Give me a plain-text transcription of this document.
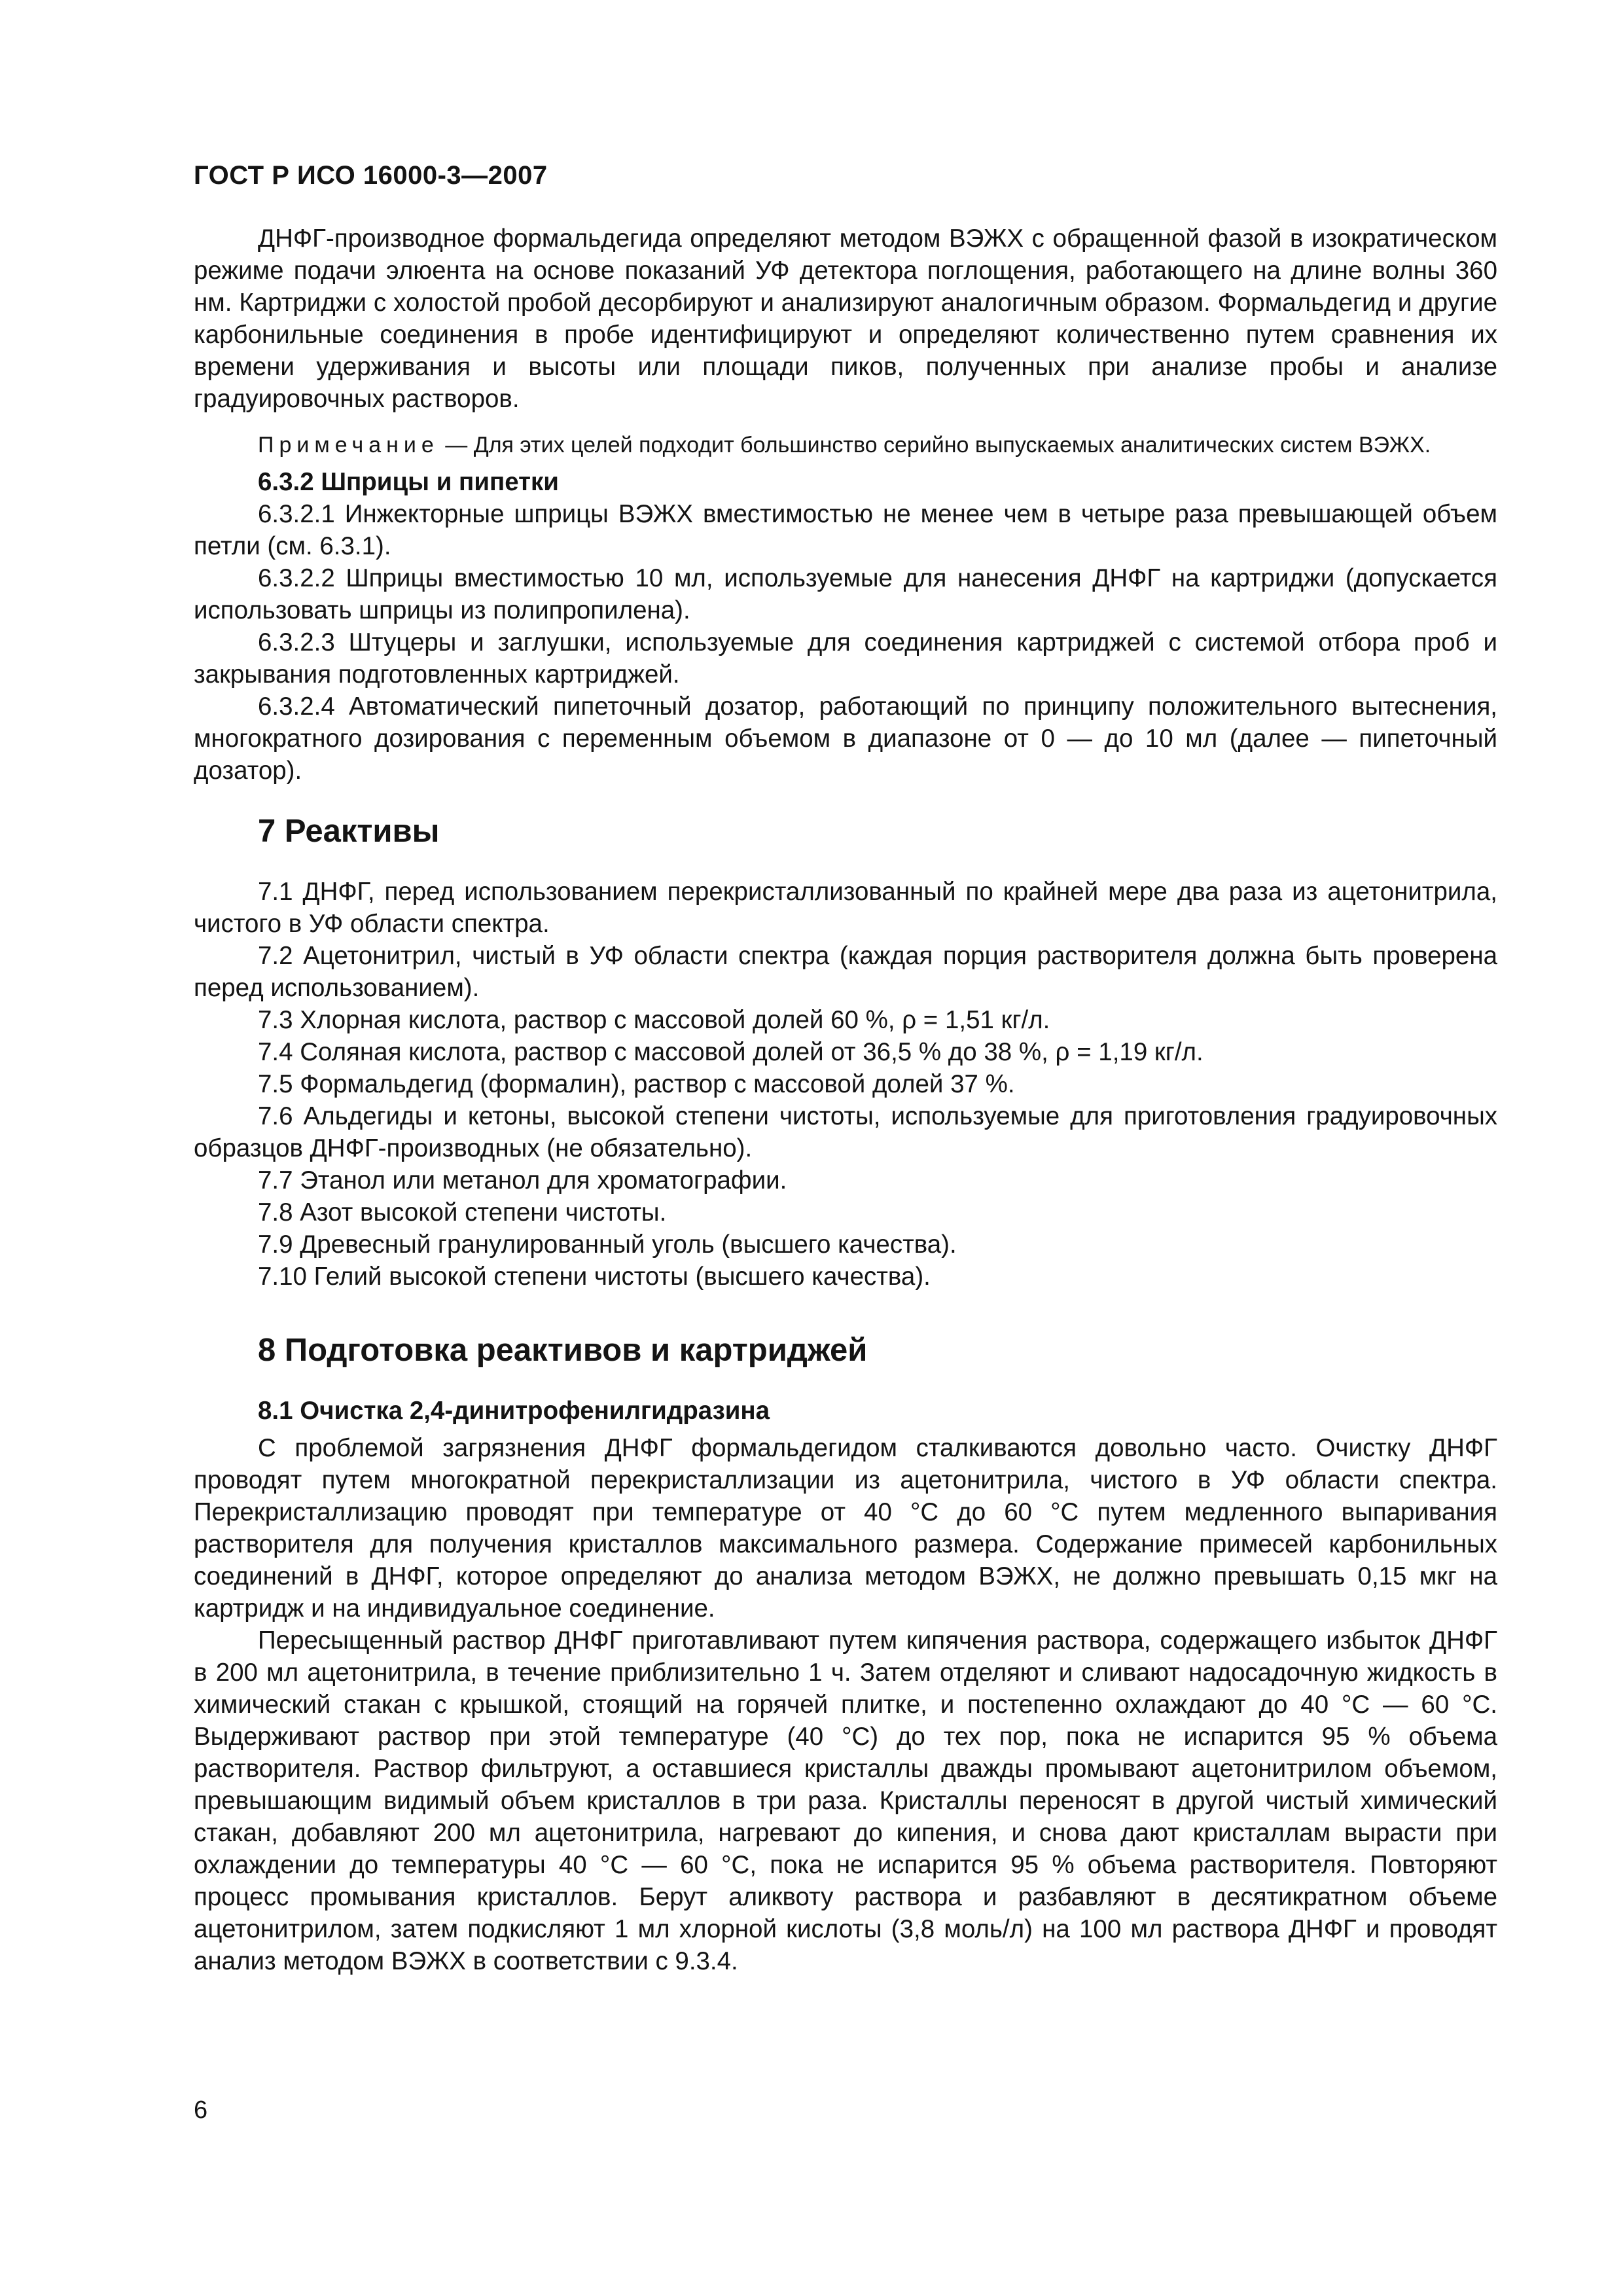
ГОСТ Р ИСО 16000-3—2007

ДНФГ-производное формальдегида определяют методом ВЭЖХ с обращенной фазой в изократическом режиме подачи элюента на основе показаний УФ детектора поглощения, работающего на длине волны 360 нм. Картриджи с холостой пробой десорбируют и анализируют аналогичным образом. Формальдегид и другие карбонильные соединения в пробе идентифицируют и определяют количественно путем сравнения их времени удерживания и высоты или площади пиков, полученных при анализе пробы и анализе градуировочных растворов.

Примечание — Для этих целей подходит большинство серийно выпускаемых аналитических систем ВЭЖХ.

6.3.2 Шприцы и пипетки

6.3.2.1 Инжекторные шприцы ВЭЖХ вместимостью не менее чем в четыре раза превышающей объем петли (см. 6.3.1).

6.3.2.2 Шприцы вместимостью 10 мл, используемые для нанесения ДНФГ на картриджи (допускается использовать шприцы из полипропилена).

6.3.2.3 Штуцеры и заглушки, используемые для соединения картриджей с системой отбора проб и закрывания подготовленных картриджей.

6.3.2.4 Автоматический пипеточный дозатор, работающий по принципу положительного вытеснения, многократного дозирования с переменным объемом в диапазоне от 0 — до 10 мл (далее — пипеточный дозатор).

7 Реактивы

7.1 ДНФГ, перед использованием перекристаллизованный по крайней мере два раза из ацетонитрила, чистого в УФ области спектра.

7.2 Ацетонитрил, чистый в УФ области спектра (каждая порция растворителя должна быть проверена перед использованием).

7.3 Хлорная кислота, раствор с массовой долей 60 %, ρ = 1,51 кг/л.

7.4 Соляная кислота, раствор с массовой долей от 36,5 % до 38 %, ρ = 1,19 кг/л.

7.5 Формальдегид (формалин), раствор с массовой долей 37 %.

7.6 Альдегиды и кетоны, высокой степени чистоты, используемые для приготовления градуировочных образцов ДНФГ-производных (не обязательно).

7.7 Этанол или метанол для хроматографии.

7.8 Азот высокой степени чистоты.

7.9 Древесный гранулированный уголь (высшего качества).

7.10 Гелий высокой степени чистоты (высшего качества).

8 Подготовка реактивов и картриджей
8.1 Очистка 2,4-динитрофенилгидразина

С проблемой загрязнения ДНФГ формальдегидом сталкиваются довольно часто. Очистку ДНФГ проводят путем многократной перекристаллизации из ацетонитрила, чистого в УФ области спектра. Перекристаллизацию проводят при температуре от 40 °С до 60 °С путем медленного выпаривания растворителя для получения кристаллов максимального размера. Содержание примесей карбонильных соединений в ДНФГ, которое определяют до анализа методом ВЭЖХ, не должно превышать 0,15 мкг на картридж и на индивидуальное соединение.

Пересыщенный раствор ДНФГ приготавливают путем кипячения раствора, содержащего избыток ДНФГ в 200 мл ацетонитрила, в течение приблизительно 1 ч. Затем отделяют и сливают надосадочную жидкость в химический стакан с крышкой, стоящий на горячей плитке, и постепенно охлаждают до 40 °С — 60 °С. Выдерживают раствор при этой температуре (40 °С) до тех пор, пока не испарится 95 % объема растворителя. Раствор фильтруют, а оставшиеся кристаллы дважды промывают ацетонитрилом объемом, превышающим видимый объем кристаллов в три раза. Кристаллы переносят в другой чистый химический стакан, добавляют 200 мл ацетонитрила, нагревают до кипения, и снова дают кристаллам вырасти при охлаждении до температуры 40 °С — 60 °С, пока не испарится 95 % объема растворителя. Повторяют процесс промывания кристаллов. Берут аликвоту раствора и разбавляют в десятикратном объеме ацетонитрилом, затем подкисляют 1 мл хлорной кислоты (3,8 моль/л) на 100 мл раствора ДНФГ и проводят анализ методом ВЭЖХ в соответствии с 9.3.4.

6
